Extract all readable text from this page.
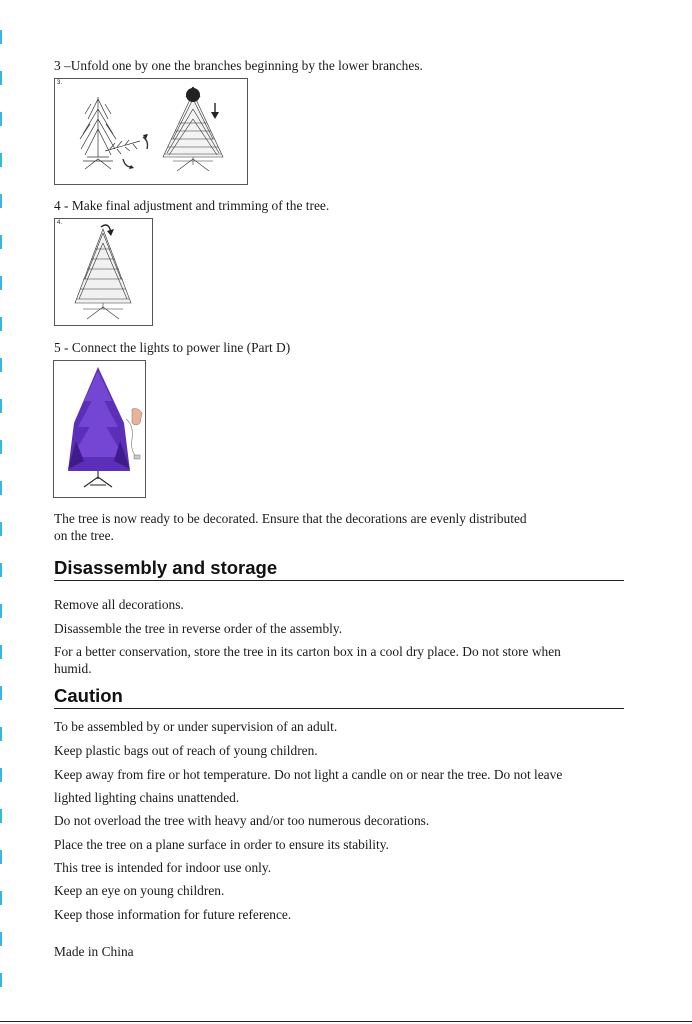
3 –Unfold one by one the branches beginning by the lower branches.
3.
4 - Make final adjustment and trimming of the tree.
4.
5 - Connect the lights to power line (Part D)
The tree is now ready to be decorated. Ensure that the decorations are evenly distributed
on the tree.
Disassembly and storage
Remove all decorations.
Disassemble the tree in reverse order of the assembly.
For a better conservation, store the tree in its carton box in a cool dry place. Do not store when
humid.
Caution
To be assembled by or under supervision of an adult.
Keep plastic bags out of reach of young children.
Keep away from fire or hot temperature. Do not light a candle on or near the tree. Do not leave
lighted lighting chains unattended.
Do not overload the tree with heavy and/or too numerous decorations.
Place the tree on a plane surface in order to ensure its stability.
This tree is intended for indoor use only.
Keep an eye on young children.
Keep those information for future reference.
Made in China
